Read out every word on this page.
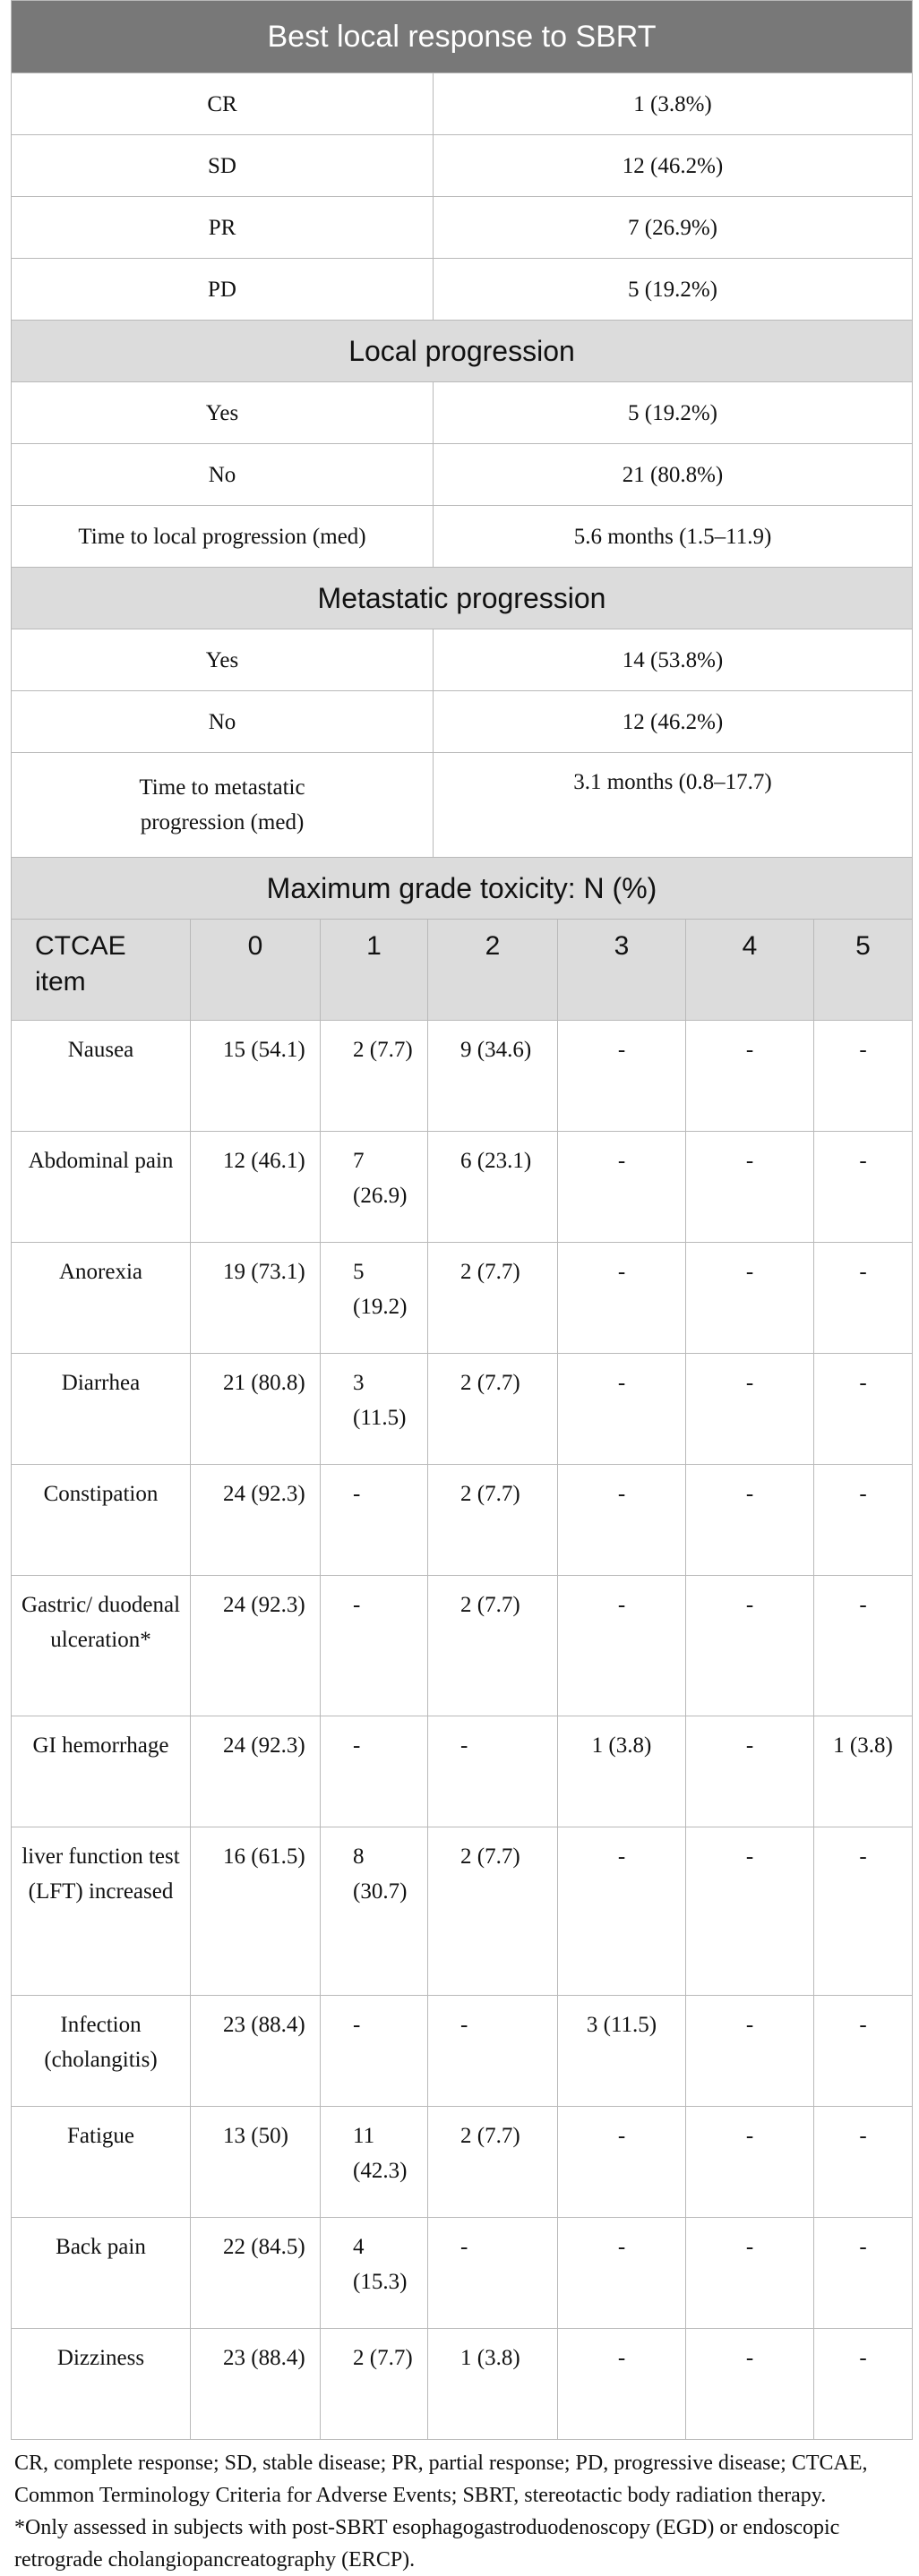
Best local response to SBRT	
CR	1 (3.8%)
SD	12 (46.2%)
PR	7 (26.9%)
PD	5 (19.2%)
Local progression	
Yes	5 (19.2%)
No	21 (80.8%)
Time to local progression (med)	5.6 months (1.5–11.9)
Metastatic progression	
Yes	14 (53.8%)
No	12 (46.2%)
Time to metastatic progression (med)	3.1 months (0.8–17.7)
Maximum grade toxicity: N (%)	
CTCAE item	0	1	2	3	4	5
Nausea	15 (54.1)	2 (7.7)	9 (34.6)	-	-	-
Abdominal pain	12 (46.1)	7 (26.9)	6 (23.1)	-	-	-
Anorexia	19 (73.1)	5 (19.2)	2 (7.7)	-	-	-
Diarrhea	21 (80.8)	3 (11.5)	2 (7.7)	-	-	-
Constipation	24 (92.3)	-	2 (7.7)	-	-	-
Gastric/ duodenal ulceration*	24 (92.3)	-	2 (7.7)	-	-	-
GI hemorrhage	24 (92.3)	-	-	1 (3.8)	-	1 (3.8)
liver function test (LFT) increased	16 (61.5)	8 (30.7)	2 (7.7)	-	-	-
Infection (cholangitis)	23 (88.4)	-	-	3 (11.5)	-	-
Fatigue	13 (50)	11 (42.3)	2 (7.7)	-	-	-
Back pain	22 (84.5)	4 (15.3)	-	-	-	-
Dizziness	23 (88.4)	2 (7.7)	1 (3.8)	-	-	-

CR, complete response; SD, stable disease; PR, partial response; PD, progressive disease; CTCAE, Common Terminology Criteria for Adverse Events; SBRT, stereotactic body radiation therapy.

*Only assessed in subjects with post-SBRT esophagogastroduodenoscopy (EGD) or endoscopic retrograde cholangiopancreatography (ERCP).
